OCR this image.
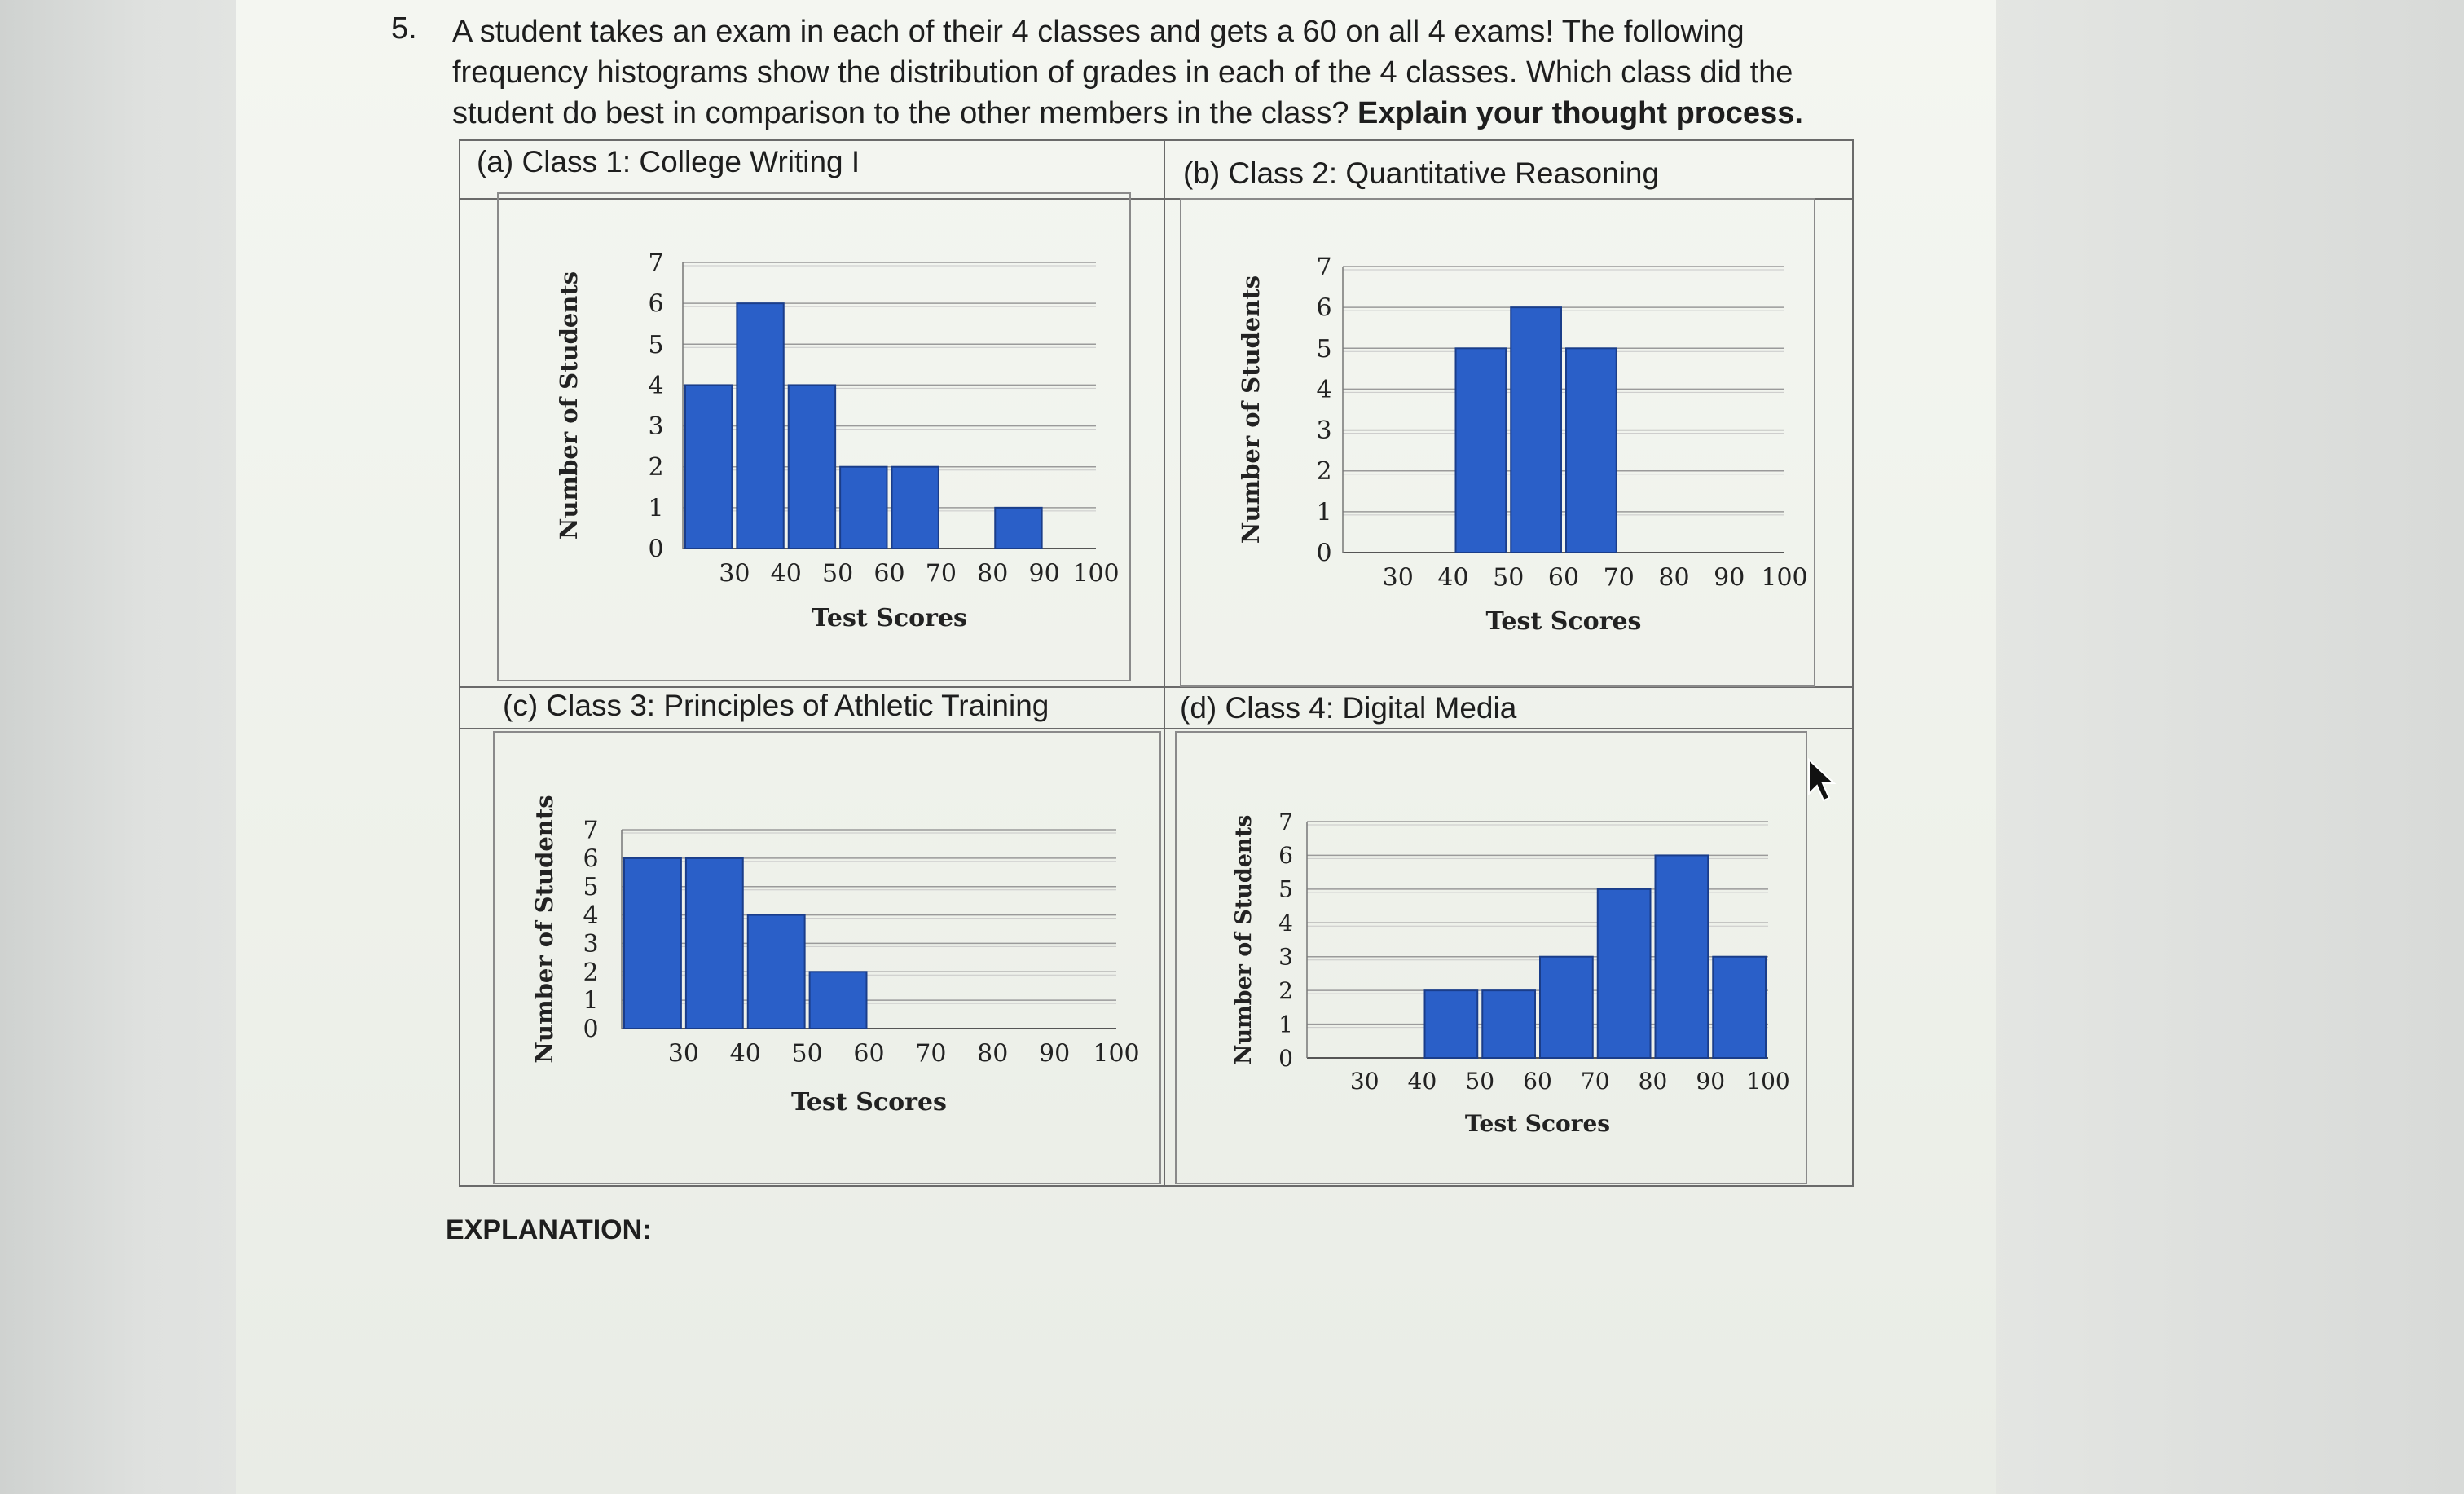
5. A student takes an exam in each of their 4 classes and gets a 60 on all 4 exams! The following
frequency histograms show the distribution of grades in each of the 4 classes. Which class did the
student do best in comparison to the other members in the class? Explain your thought process.
(a) Class 1: College Writing I	(b) Class 2: Quantitative Reasoning
(c) Class 3: Principles of Athletic Training	(d) Class 4: Digital Media
0
1
2
3
4
5
6
7
30 40 50 60 70 80 90 100
Test Scores
Number of Students
0
1
2
3
4
5
6
7
30 40 50 60 70 80 90 100
Test Scores
Number of Students
0
1
2
3
4
5
6
7
30 40 50 60 70 80 90 100
Test Scores
Number of Students	0
1
2
3
4
5
6
7
30 40 50 60 70 80 90 100
Test Scores
Number of Students
EXPLANATION:
